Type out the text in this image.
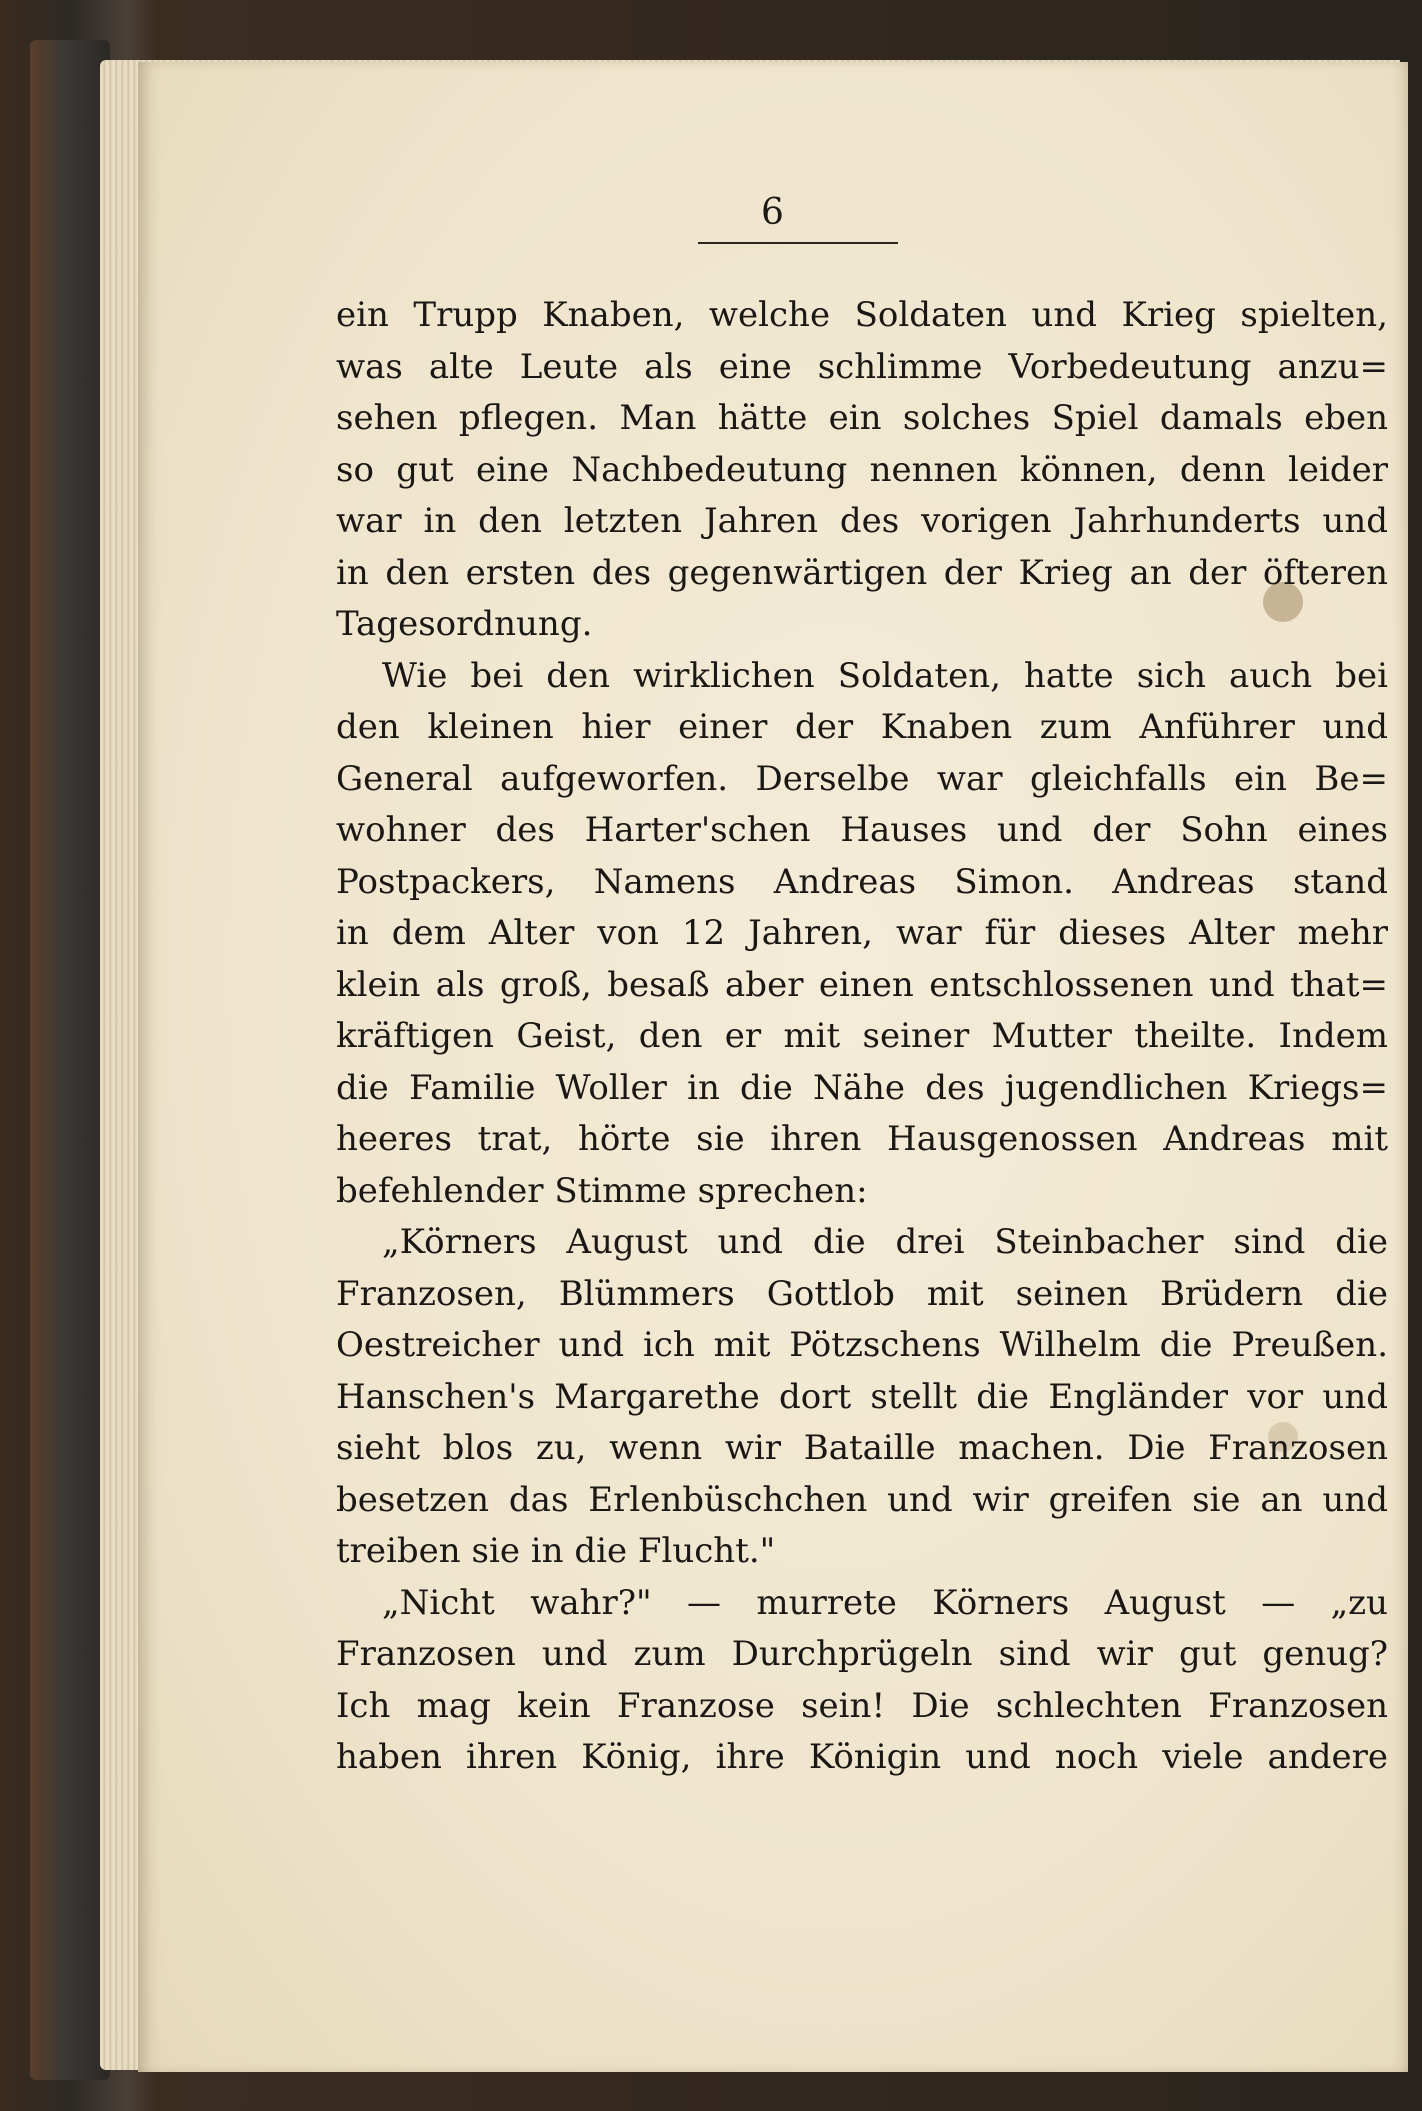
6
ein Trupp Knaben, welche Soldaten und Krieg spielten,
was alte Leute als eine schlimme Vorbedeutung anzu=
sehen pflegen. Man hätte ein solches Spiel damals eben
so gut eine Nachbedeutung nennen können, denn leider
war in den letzten Jahren des vorigen Jahrhunderts und
in den ersten des gegenwärtigen der Krieg an der öfteren
Tagesordnung.
Wie bei den wirklichen Soldaten, hatte sich auch bei
den kleinen hier einer der Knaben zum Anführer und
General aufgeworfen. Derselbe war gleichfalls ein Be=
wohner des Harter'schen Hauses und der Sohn eines
Postpackers, Namens Andreas Simon. Andreas stand
in dem Alter von 12 Jahren, war für dieses Alter mehr
klein als groß, besaß aber einen entschlossenen und that=
kräftigen Geist, den er mit seiner Mutter theilte. Indem
die Familie Woller in die Nähe des jugendlichen Kriegs=
heeres trat, hörte sie ihren Hausgenossen Andreas mit
befehlender Stimme sprechen:
„Körners August und die drei Steinbacher sind die
Franzosen, Blümmers Gottlob mit seinen Brüdern die
Oestreicher und ich mit Pötzschens Wilhelm die Preußen.
Hanschen's Margarethe dort stellt die Engländer vor und
sieht blos zu, wenn wir Bataille machen. Die Franzosen
besetzen das Erlenbüschchen und wir greifen sie an und
treiben sie in die Flucht."
„Nicht wahr?" — murrete Körners August — „zu
Franzosen und zum Durchprügeln sind wir gut genug?
Ich mag kein Franzose sein! Die schlechten Franzosen
haben ihren König, ihre Königin und noch viele andere
